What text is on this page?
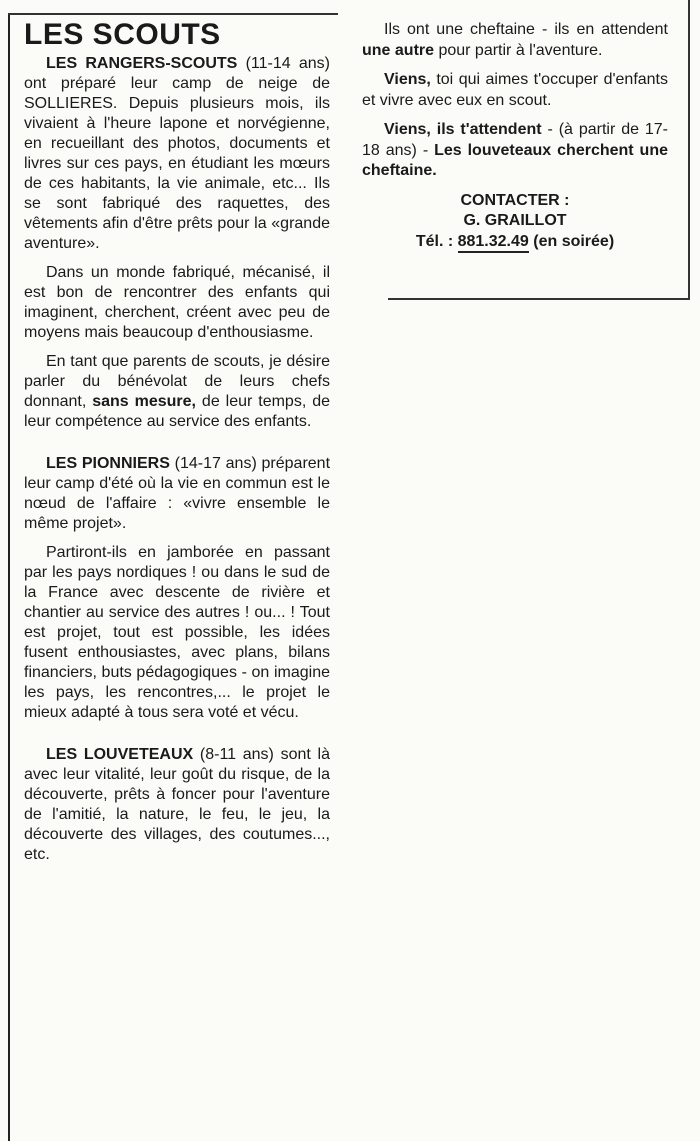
LES SCOUTS

LES RANGERS-SCOUTS (11-14 ans) ont préparé leur camp de neige de SOLLIERES. Depuis plusieurs mois, ils vivaient à l'heure lapone et norvégienne, en recueillant des photos, documents et livres sur ces pays, en étudiant les mœurs de ces habitants, la vie animale, etc... Ils se sont fabriqué des raquettes, des vêtements afin d'être prêts pour la «grande aventure».

Dans un monde fabriqué, mécanisé, il est bon de rencontrer des enfants qui imaginent, cherchent, créent avec peu de moyens mais beaucoup d'enthousiasme.

En tant que parents de scouts, je désire parler du bénévolat de leurs chefs donnant, sans mesure, de leur temps, de leur compétence au service des enfants.

LES PIONNIERS (14-17 ans) préparent leur camp d'été où la vie en commun est le nœud de l'affaire : «vivre ensemble le même projet».

Partiront-ils en jamborée en passant par les pays nordiques ! ou dans le sud de la France avec descente de rivière et chantier au service des autres ! ou... ! Tout est projet, tout est possible, les idées fusent enthousiastes, avec plans, bilans financiers, buts pédagogiques - on imagine les pays, les rencontres,... le projet le mieux adapté à tous sera voté et vécu.

LES LOUVETEAUX (8-11 ans) sont là avec leur vitalité, leur goût du risque, de la découverte, prêts à foncer pour l'aventure de l'amitié, la nature, le feu, le jeu, la découverte des villages, des coutumes..., etc.

Ils ont une cheftaine - ils en attendent une autre pour partir à l'aventure.

Viens, toi qui aimes t'occuper d'enfants et vivre avec eux en scout.

Viens, ils t'attendent - (à partir de 17-18 ans) - Les louveteaux cherchent une cheftaine.

CONTACTER :
G. GRAILLOT
Tél. : 881.32.49 (en soirée)
